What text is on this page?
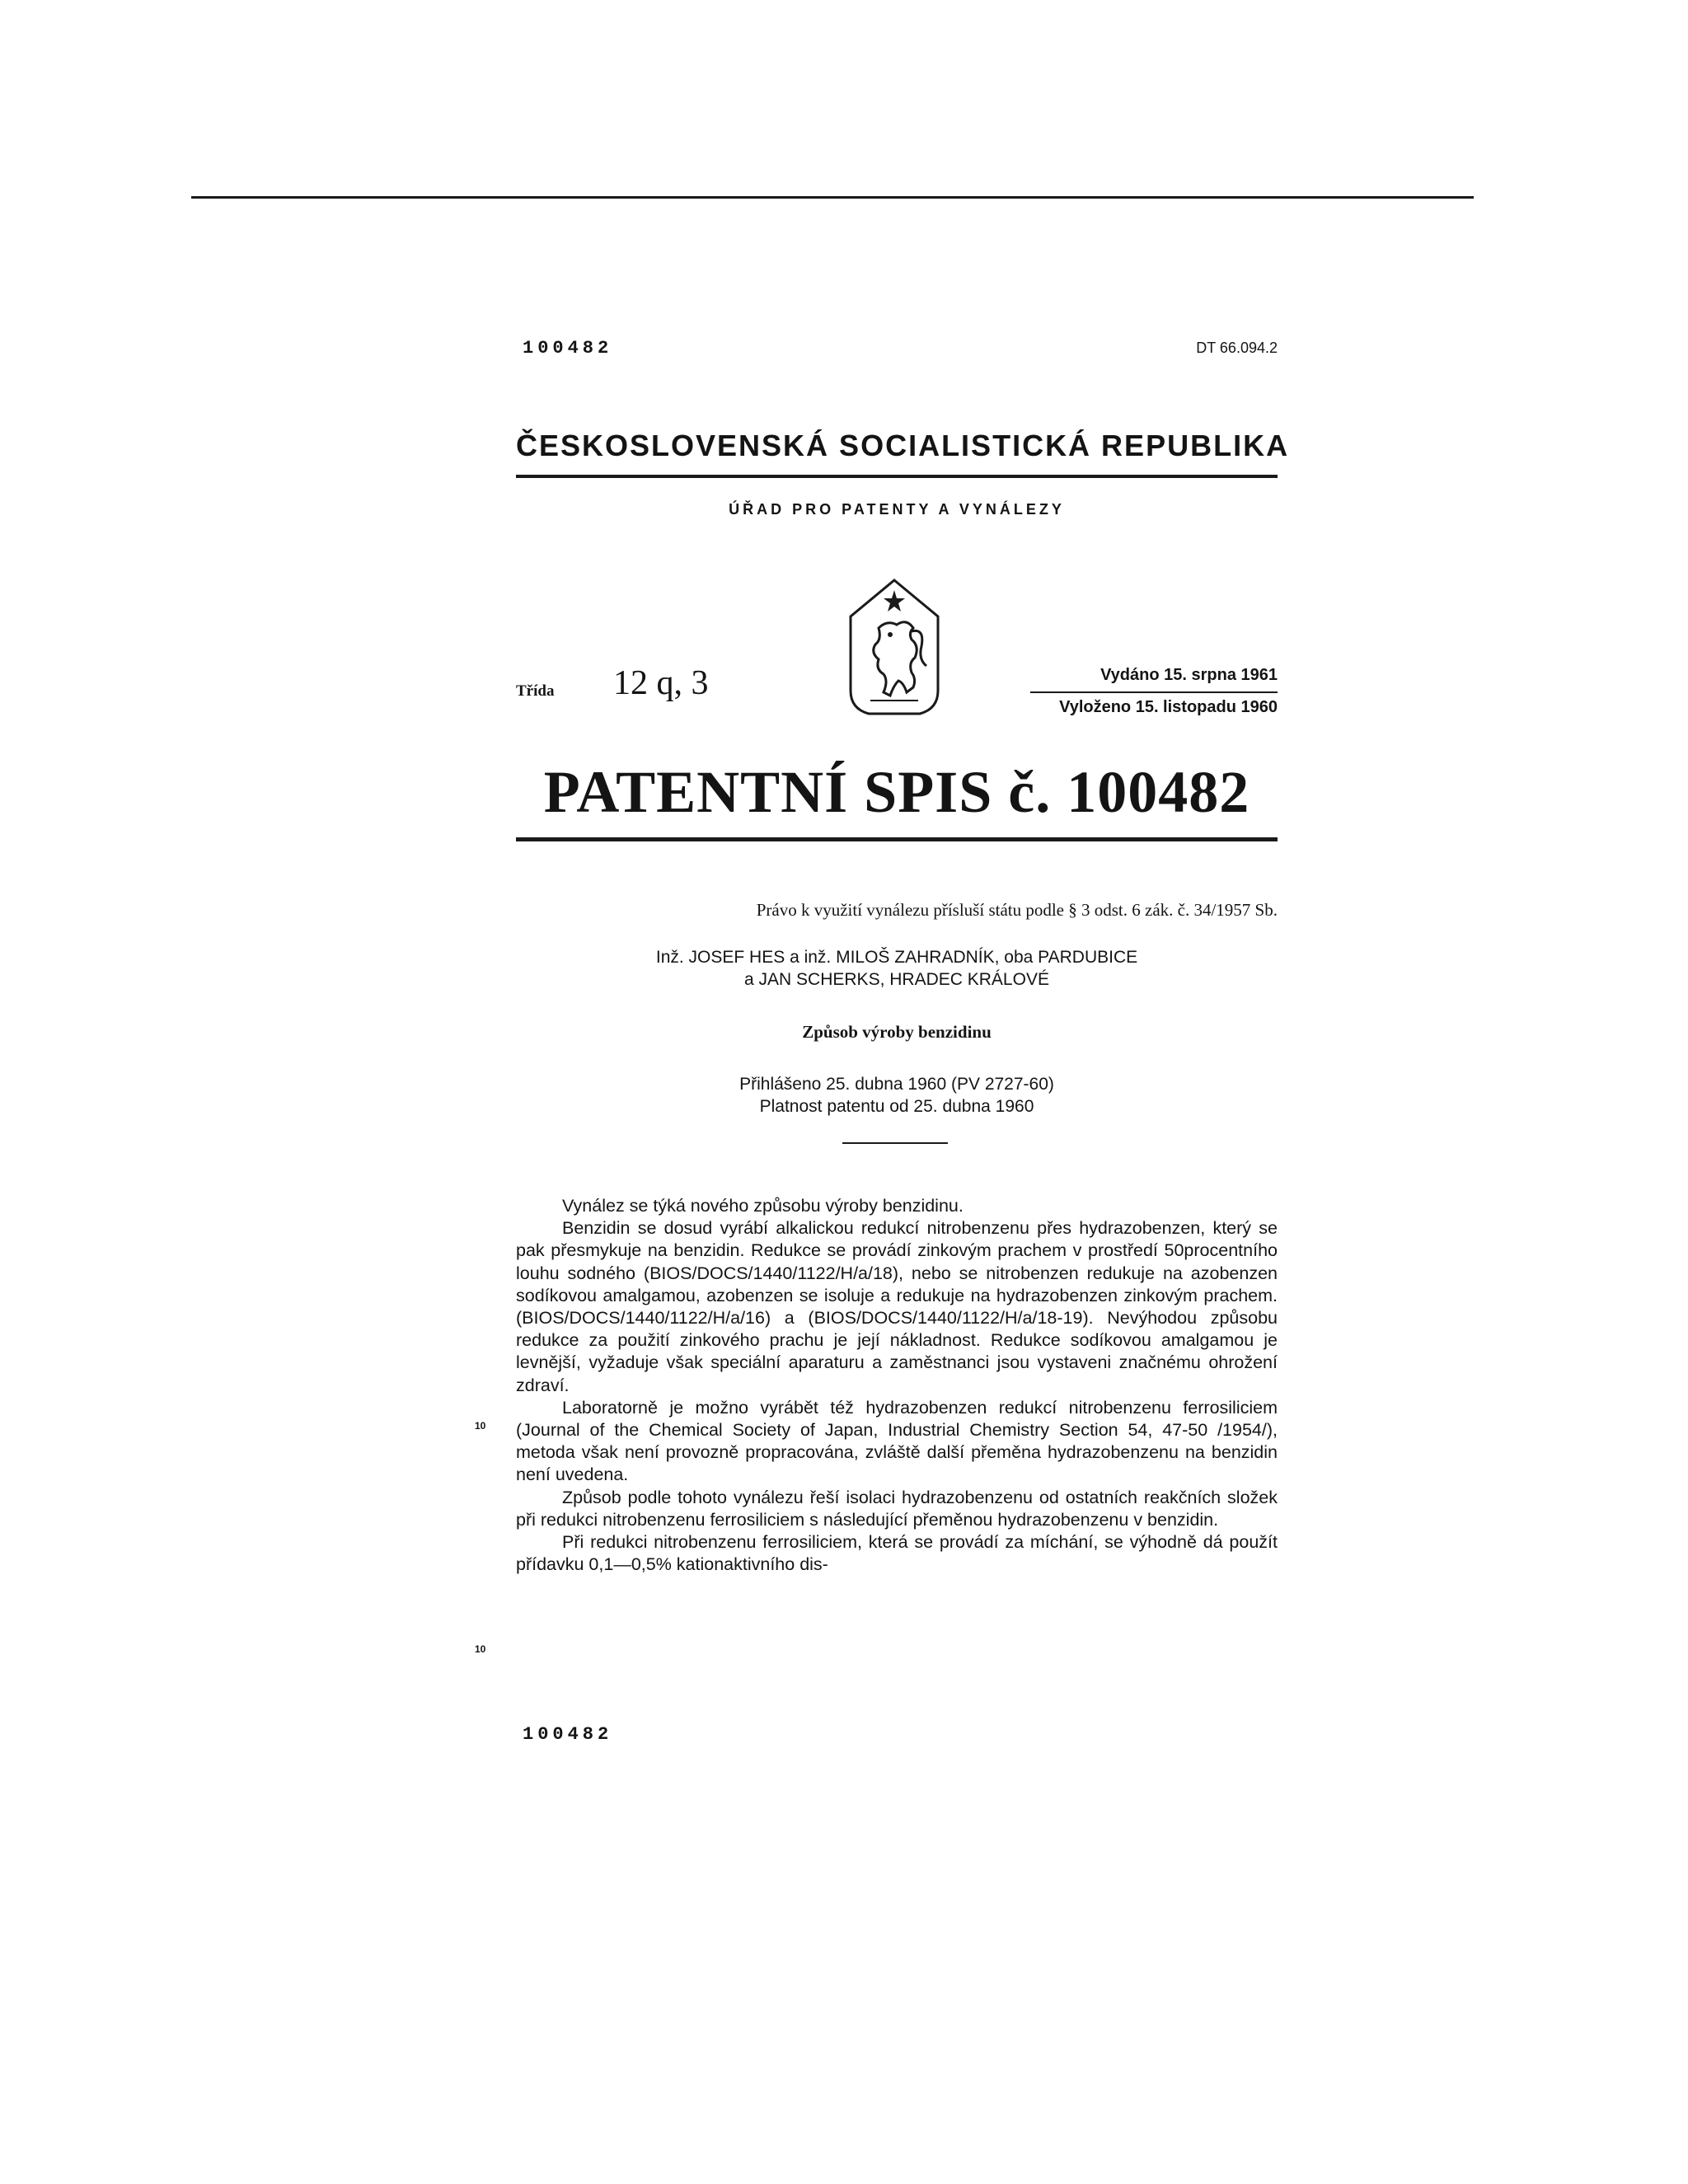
100482	DT 66.094.2
ČESKOSLOVENSKÁ SOCIALISTICKÁ REPUBLIKA
ÚŘAD PRO PATENTY A VYNÁLEZY
Třída 12 q, 3	Vydáno 15. srpna 1961
Vyloženo 15. listopadu 1960
PATENTNÍ SPIS č. 100482
Právo k využití vynálezu přísluší státu podle § 3 odst. 6 zák. č. 34/1957 Sb.
Inž. JOSEF HES a inž. MILOŠ ZAHRADNÍK, oba PARDUBICE
a JAN SCHERKS, HRADEC KRÁLOVÉ
Způsob výroby benzidinu
Přihlášeno 25. dubna 1960 (PV 2727-60)
Platnost patentu od 25. dubna 1960

Vynález se týká nového způsobu výroby benzidinu.

Benzidin se dosud vyrábí alkalickou redukcí nitrobenzenu přes hydrazobenzen, který se pak přesmykuje na benzidin. Redukce se provádí zinkovým prachem v prostředí 50procentního louhu sodného (BIOS/DOCS/1440/1122/H/a/18), nebo se nitrobenzen redukuje na azobenzen sodíkovou amalgamou, azobenzen se isoluje a redukuje na hydrazobenzen zinkovým prachem. (BIOS/DOCS/1440/1122/H/a/16) a (BIOS/DOCS/1440/1122/H/a/18-19). Nevýhodou způsobu redukce za použití zinkového prachu je její nákladnost. Redukce sodíkovou amalgamou je levnější, vyžaduje však speciální aparaturu a zaměstnanci jsou vystaveni značnému ohrožení zdraví.

Laboratorně je možno vyrábět též hydrazobenzen redukcí nitrobenzenu ferrosiliciem (Journal of the Chemical Society of Japan, Industrial Chemistry Section 54, 47-50 /1954/), metoda však není provozně propracována, zvláště další přeměna hydrazobenzenu na benzidin není uvedena.

Způsob podle tohoto vynálezu řeší isolaci hydrazobenzenu od ostatních reakčních složek při redukci nitrobenzenu ferrosiliciem s následující přeměnou hydrazobenzenu v benzidin.

Při redukci nitrobenzenu ferrosiliciem, která se provádí za míchání, se výhodně dá použít přídavku 0,1—0,5% kationaktivního dis-

10
10
100482
